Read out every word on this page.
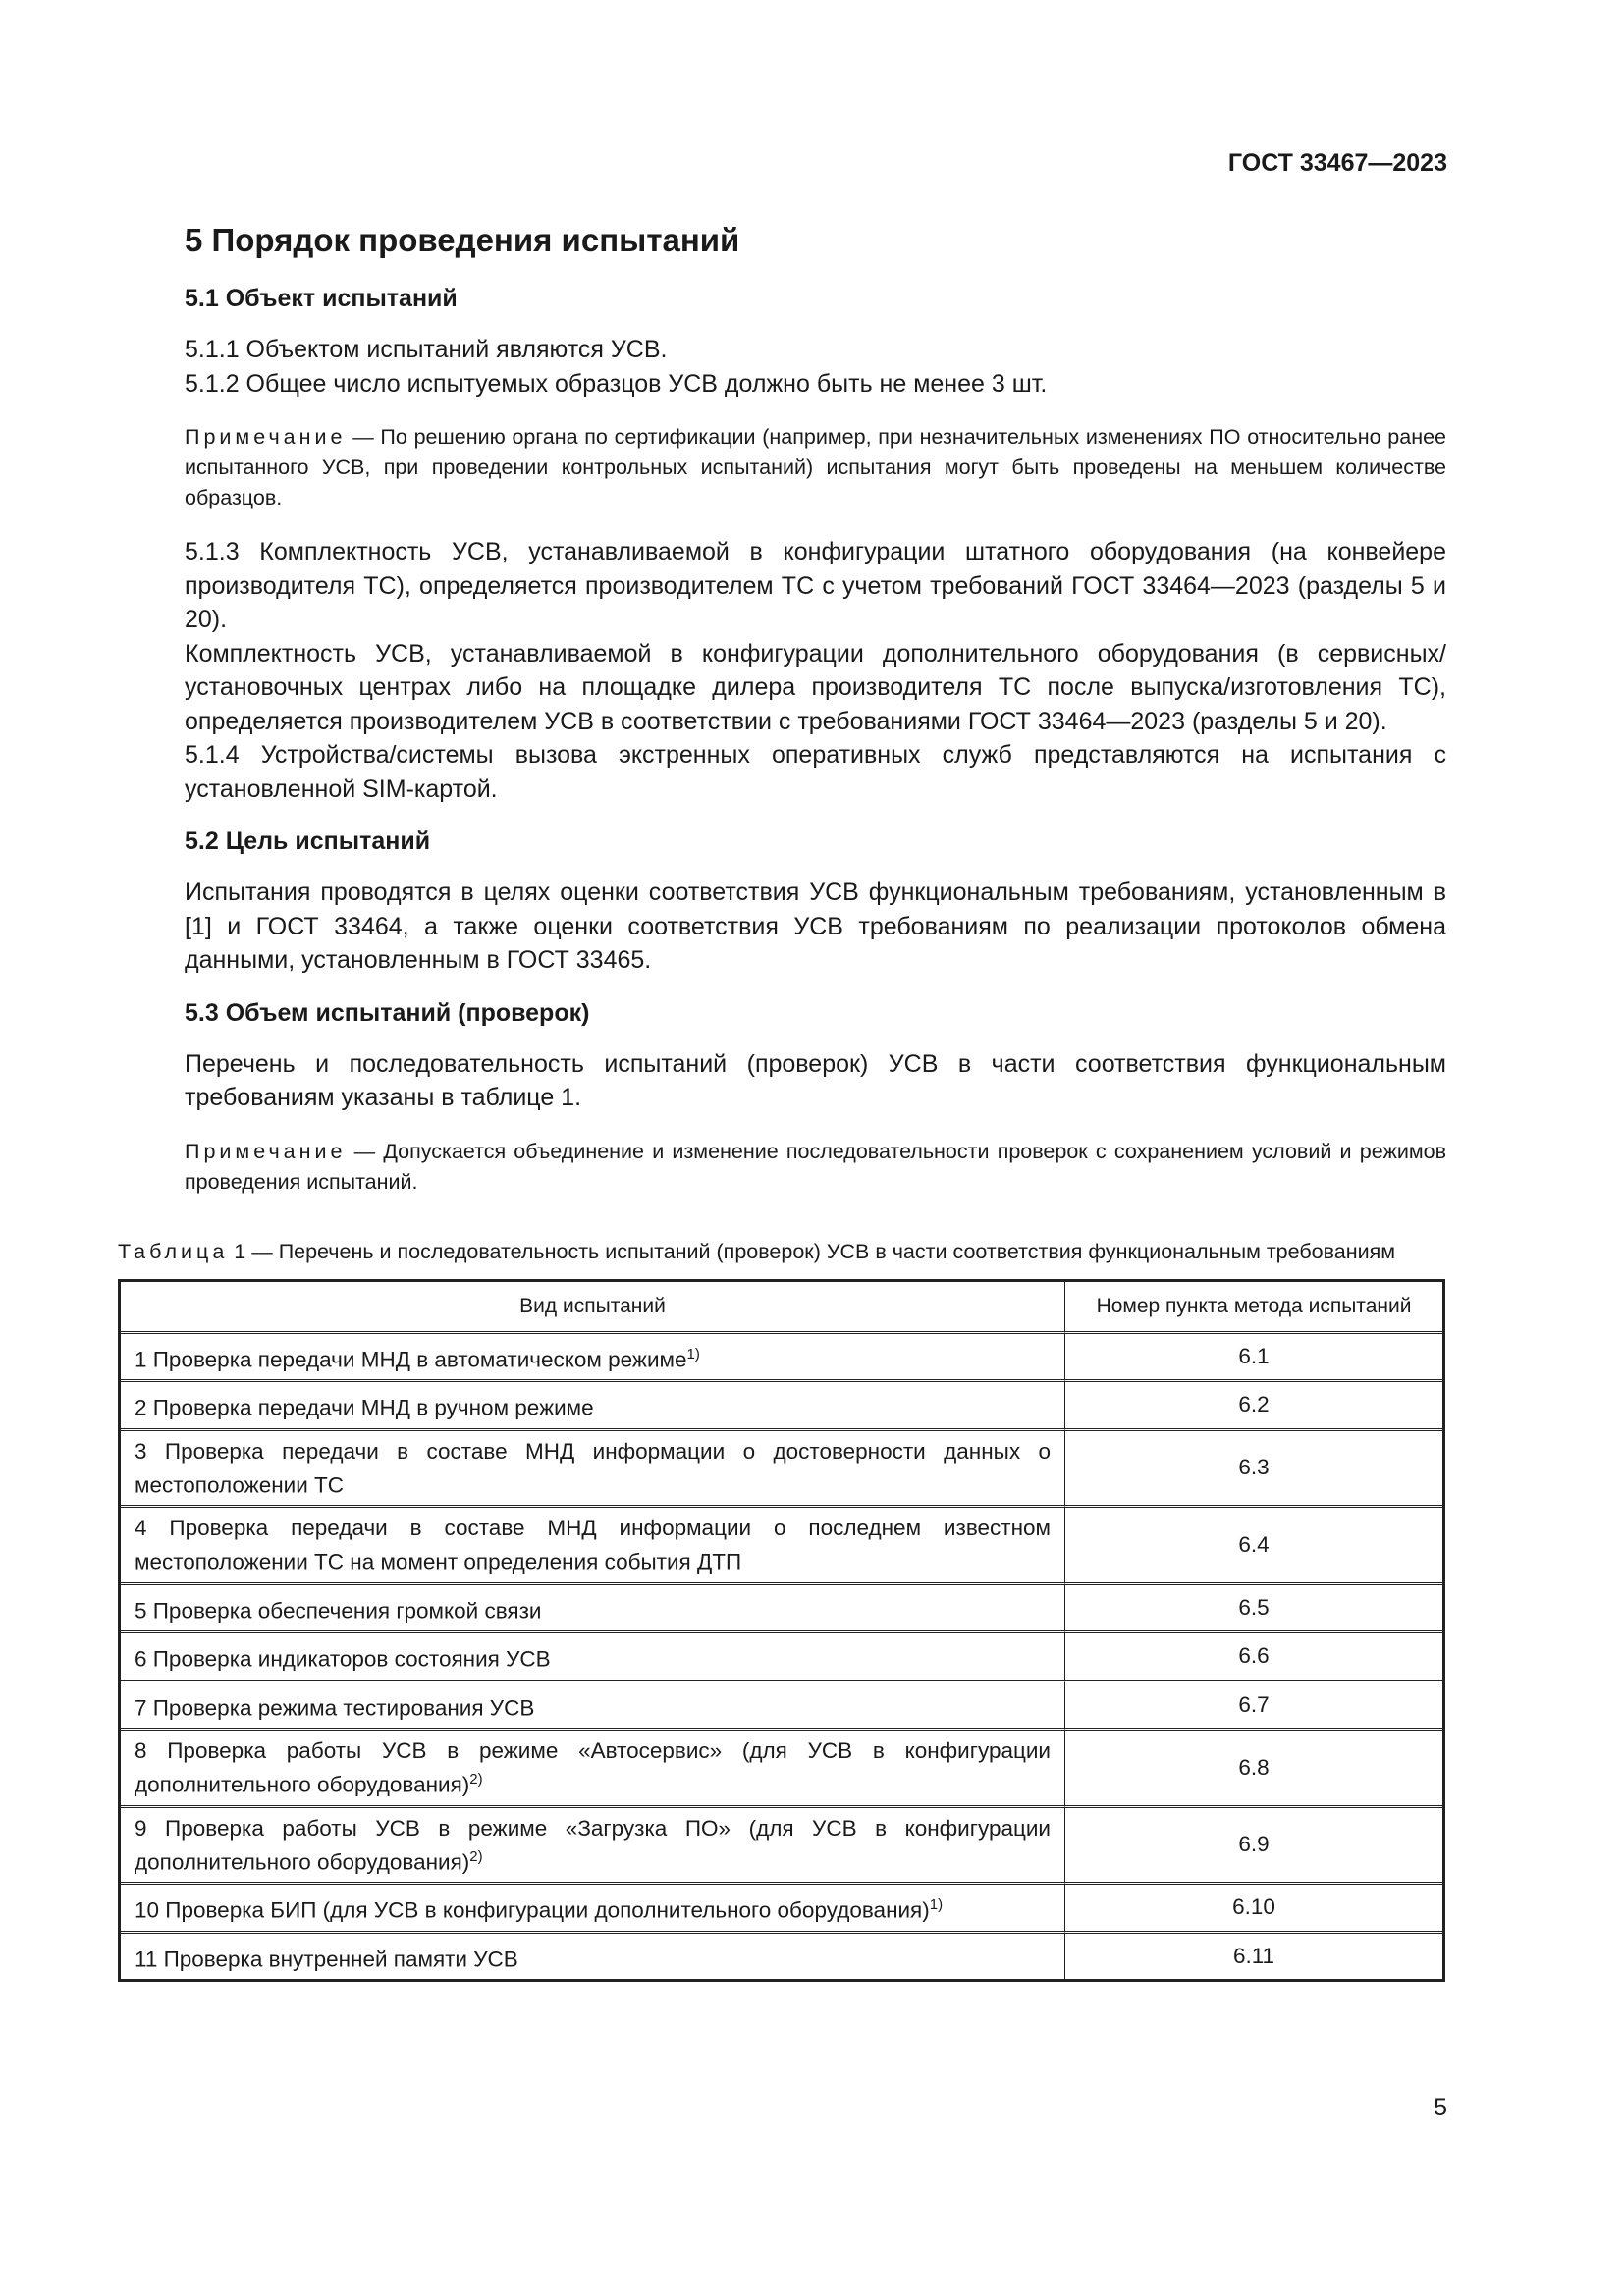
ГОСТ 33467—2023
5 Порядок проведения испытаний
5.1 Объект испытаний

5.1.1 Объектом испытаний являются УСВ.

5.1.2 Общее число испытуемых образцов УСВ должно быть не менее 3 шт.

Примечание — По решению органа по сертификации (например, при незначительных изменениях ПО относительно ранее испытанного УСВ, при проведении контрольных испытаний) испытания могут быть проведены на меньшем количестве образцов.

5.1.3 Комплектность УСВ, устанавливаемой в конфигурации штатного оборудования (на конвейере производителя ТС), определяется производителем ТС с учетом требований ГОСТ 33464—2023 (разделы 5 и 20).

Комплектность УСВ, устанавливаемой в конфигурации дополнительного оборудования (в сервисных/установочных центрах либо на площадке дилера производителя ТС после выпуска/изготовления ТС), определяется производителем УСВ в соответствии с требованиями ГОСТ 33464—2023 (разделы 5 и 20).

5.1.4 Устройства/системы вызова экстренных оперативных служб представляются на испытания с установленной SIM-картой.

5.2 Цель испытаний

Испытания проводятся в целях оценки соответствия УСВ функциональным требованиям, установленным в [1] и ГОСТ 33464, а также оценки соответствия УСВ требованиям по реализации протоколов обмена данными, установленным в ГОСТ 33465.

5.3 Объем испытаний (проверок)

Перечень и последовательность испытаний (проверок) УСВ в части соответствия функциональным требованиям указаны в таблице 1.

Примечание — Допускается объединение и изменение последовательности проверок с сохранением условий и режимов проведения испытаний.
Таблица 1 — Перечень и последовательность испытаний (проверок) УСВ в части соответствия функциональным требованиям
Вид испытаний	Номер пункта метода испытаний
1 Проверка передачи МНД в автоматическом режиме$^{1)}$	6.1
2 Проверка передачи МНД в ручном режиме	6.2
3 Проверка передачи в составе МНД информации о достоверности данных о местоположении ТС	6.3
4 Проверка передачи в составе МНД информации о последнем известном местоположении ТС на момент определения события ДТП	6.4
5 Проверка обеспечения громкой связи	6.5
6 Проверка индикаторов состояния УСВ	6.6
7 Проверка режима тестирования УСВ	6.7
8 Проверка работы УСВ в режиме «Автосервис» (для УСВ в конфигурации дополнительного оборудования)$^{2)}$	6.8
9 Проверка работы УСВ в режиме «Загрузка ПО» (для УСВ в конфигурации дополнительного оборудования)$^{2)}$	6.9
10 Проверка БИП (для УСВ в конфигурации дополнительного оборудования)$^{1)}$	6.10
11 Проверка внутренней памяти УСВ	6.11
5
